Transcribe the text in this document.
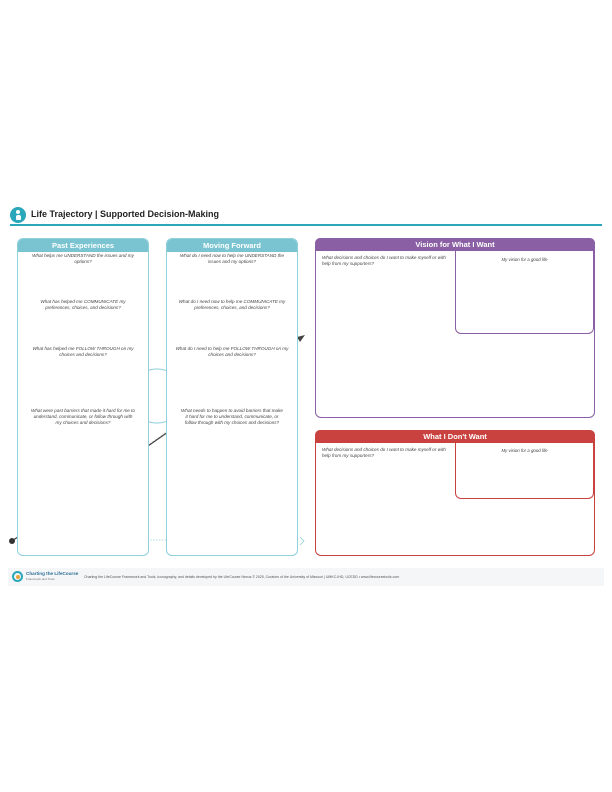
Life Trajectory | Supported Decision-Making
Past Experiences
What helps me UNDERSTAND the issues and my options?
What has helped me COMMUNICATE my preferences, choices, and decisions?
What has helped me FOLLOW THROUGH on my choices and decisions?
What were past barriers that made it hard for me to understand, communicate, or follow through with my choices and decisions?
Moving Forward
What do I need now to help me UNDERSTAND the issues and my options?
What do I need now to help me COMMUNICATE my preferences, choices, and decisions?
What do I need to help me FOLLOW THROUGH on my choices and decisions?
What needs to happen to avoid barriers that make it hard for me to understand, communicate, or follow through with my choices and decisions?
Vision for What I Want
What decisions and choices do I want to make myself or with help from my supporters?
My vision for a good life
What I Don't Want
What decisions and choices do I want to make myself or with help from my supporters?
My vision for a good life
Charting the LifeCourse
Framework and Tools	Charting the LifeCourse Framework and Tools, iconography, and details developed by the LifeCourse Nexus © 2025, Curators of the University of Missouri | UMKC-IHD, UCEDD • www.lifecoursetools.com
